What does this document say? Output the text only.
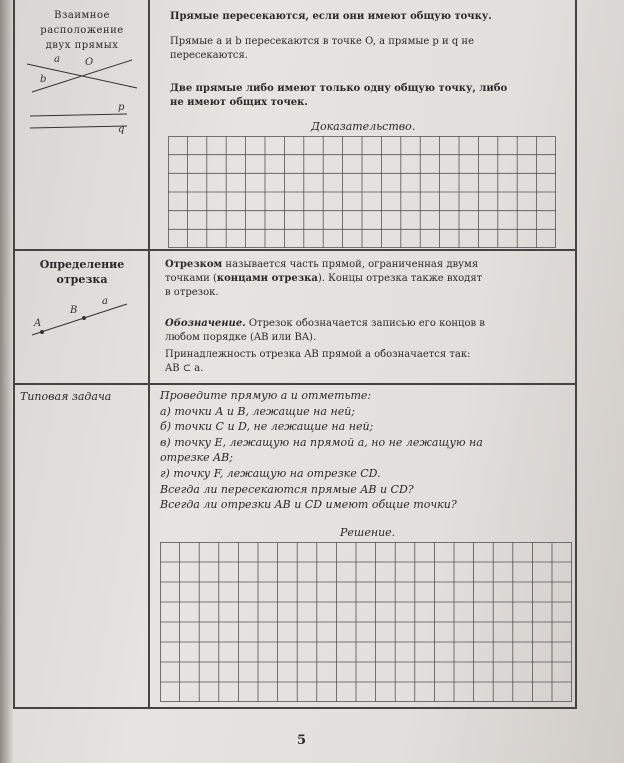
Взаимное
расположение
двух прямых
a	O
b
p
q
Прямые пересекаются, если они имеют общую точку.
Прямые a и b пересекаются в точке O, а прямые p и q не
пересекаются.
Две прямые либо имеют только одну общую точку, либо
не имеют общих точек.
Доказательство.
Определение
отрезка
a
B
A
Отрезком называется часть прямой, ограниченная двумя
точками (концами отрезка). Концы отрезка также входят
в отрезок.
Обозначение. Отрезок обозначается записью его концов в
любом порядке (AB или BA).
Принадлежность отрезка AB прямой a обозначается так:
AB ⊂ a.
Типовая задача	Проведите прямую a и отметьте:
а) точки A и B, лежащие на ней;
б) точки C и D, не лежащие на ней;
в) точку E, лежащую на прямой a, но не лежащую на
отрезке AB;
г) точку F, лежащую на отрезке CD.
Всегда ли пересекаются прямые AB и CD?
Всегда ли отрезки AB и CD имеют общие точки?
Решение.
5
